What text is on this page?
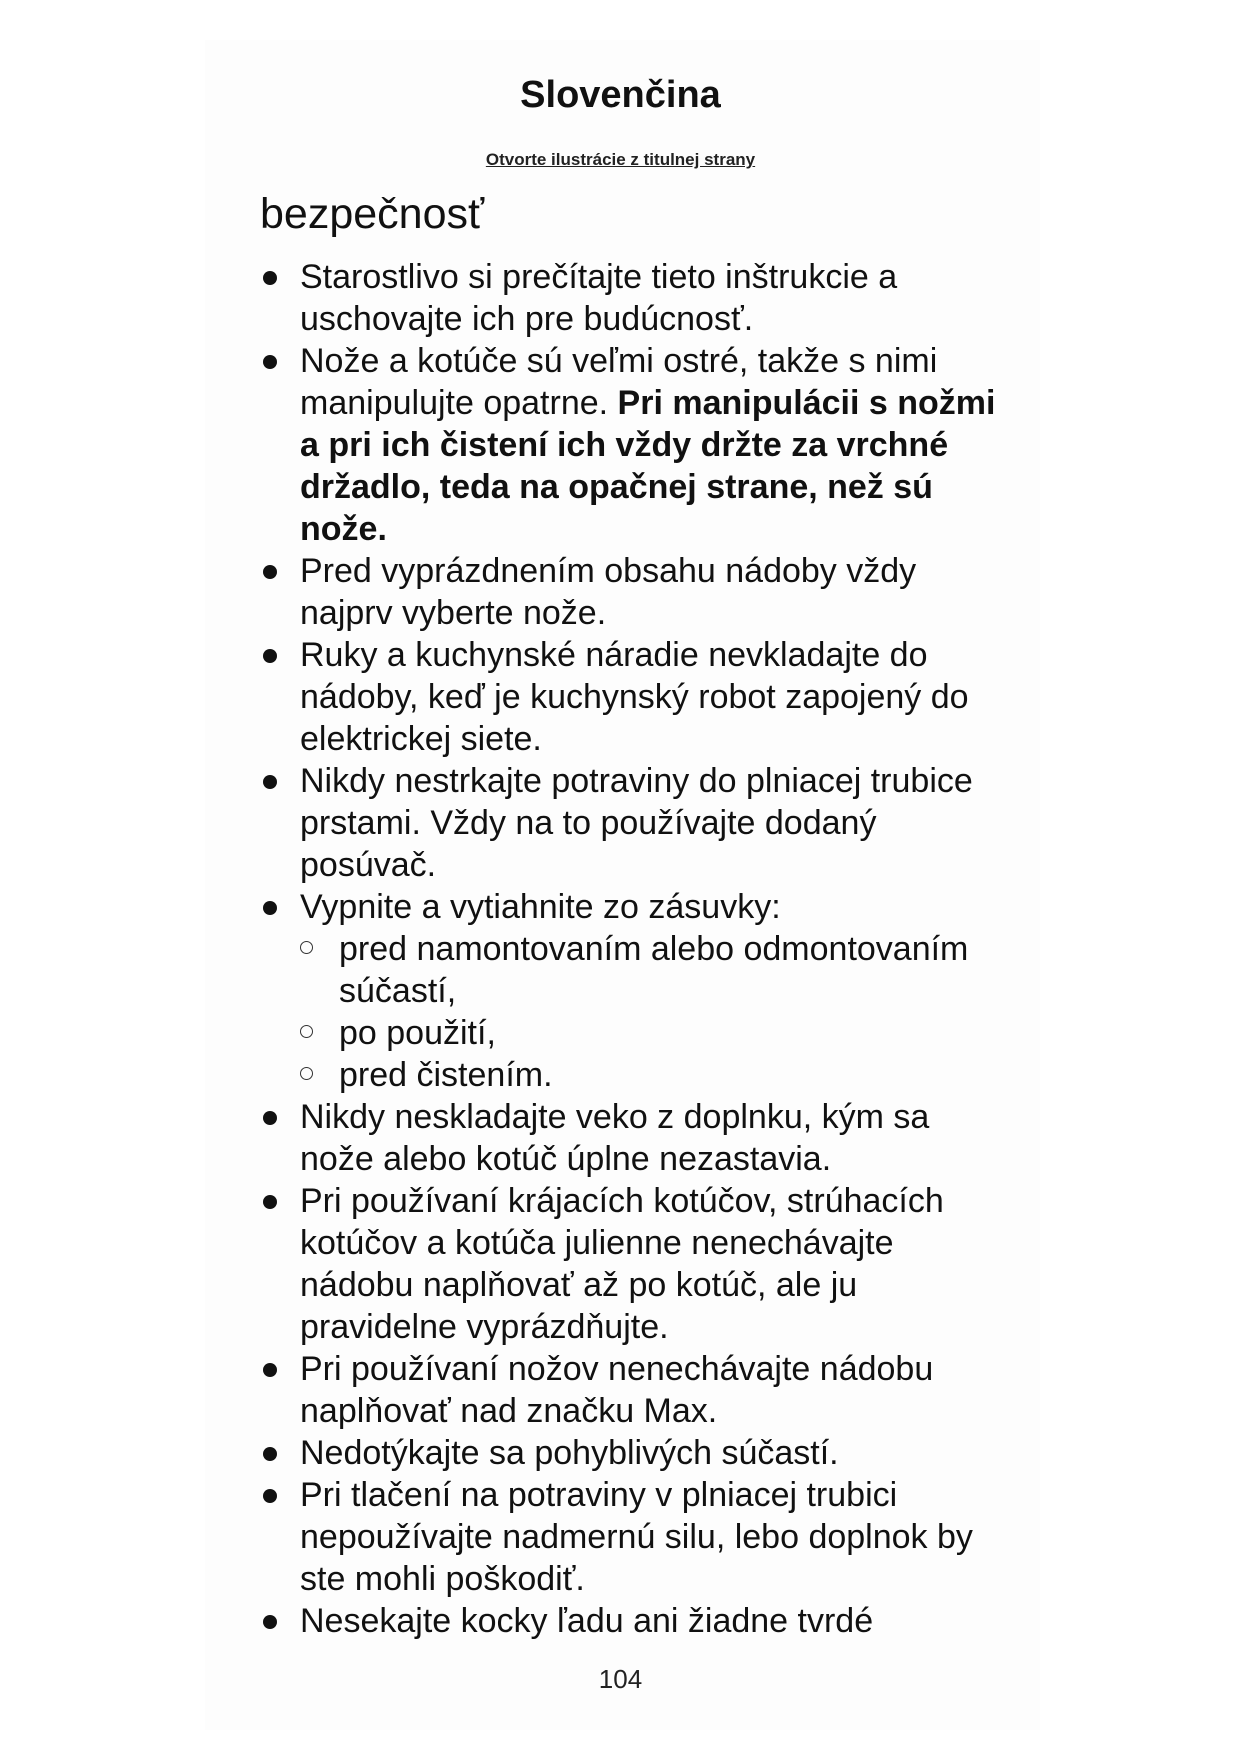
Slovenčina
Otvorte ilustrácie z titulnej strany
bezpečnosť
Starostlivo si prečítajte tieto inštrukcie a uschovajte ich pre budúcnosť.
Nože a kotúče sú veľmi ostré, takže s nimi manipulujte opatrne. Pri manipulácii s nožmi a pri ich čistení ich vždy držte za vrchné držadlo, teda na opačnej strane, než sú nože.
Pred vyprázdnením obsahu nádoby vždy najprv vyberte nože.
Ruky a kuchynské náradie nevkladajte do nádoby, keď je kuchynský robot zapojený do elektrickej siete.
Nikdy nestrkajte potraviny do plniacej trubice prstami. Vždy na to používajte dodaný posúvač.
Vypnite a vytiahnite zo zásuvky:
pred namontovaním alebo odmontovaním súčastí,
po použití,
pred čistením.
Nikdy neskladajte veko z doplnku, kým sa nože alebo kotúč úplne nezastavia.
Pri používaní krájacích kotúčov, strúhacích kotúčov a kotúča julienne nenechávajte nádobu naplňovať až po kotúč, ale ju pravidelne vyprázdňujte.
Pri používaní nožov nenechávajte nádobu naplňovať nad značku Max.
Nedotýkajte sa pohyblivých súčastí.
Pri tlačení na potraviny v plniacej trubici nepoužívajte nadmernú silu, lebo doplnok by ste mohli poškodiť.
Nesekajte kocky ľadu ani žiadne tvrdé
104
